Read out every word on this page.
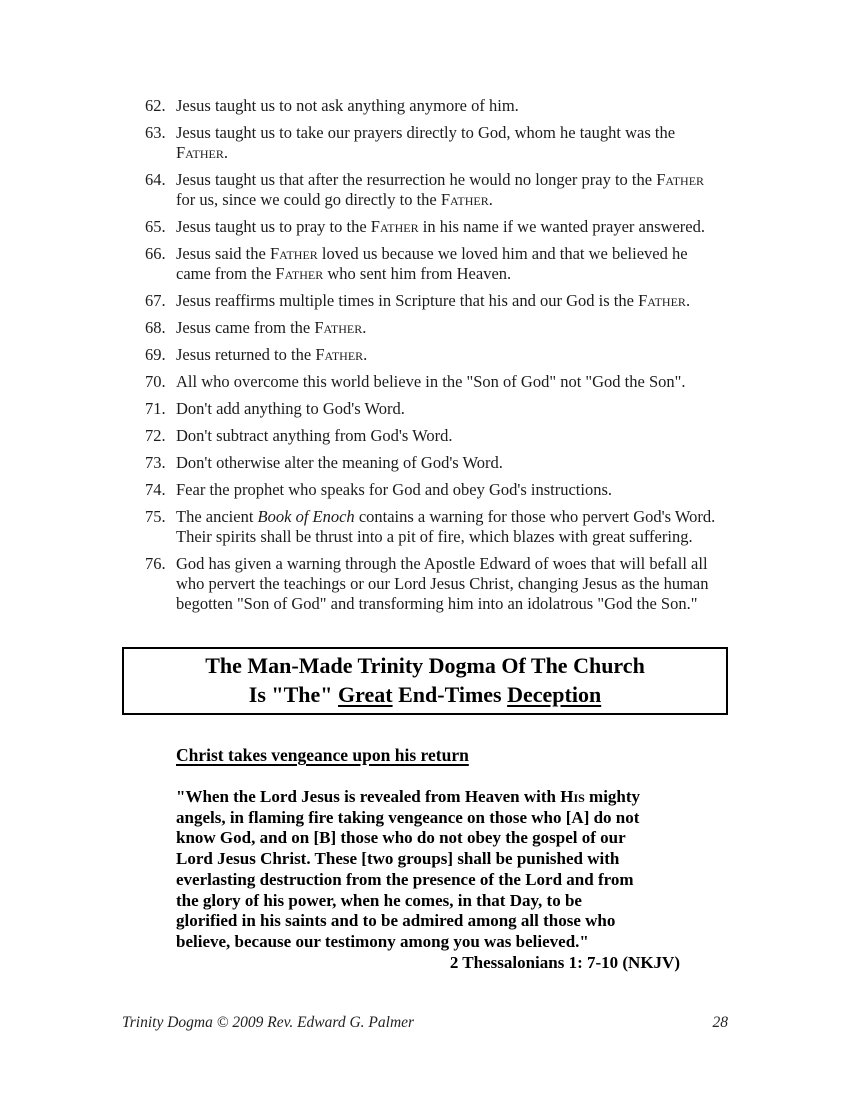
62. Jesus taught us to not ask anything anymore of him.
63. Jesus taught us to take our prayers directly to God, whom he taught was the Father.
64. Jesus taught us that after the resurrection he would no longer pray to the Father for us, since we could go directly to the Father.
65. Jesus taught us to pray to the Father in his name if we wanted prayer answered.
66. Jesus said the Father loved us because we loved him and that we believed he came from the Father who sent him from Heaven.
67. Jesus reaffirms multiple times in Scripture that his and our God is the Father.
68. Jesus came from the Father.
69. Jesus returned to the Father.
70. All who overcome this world believe in the "Son of God" not "God the Son".
71. Don't add anything to God's Word.
72. Don't subtract anything from God's Word.
73. Don't otherwise alter the meaning of God's Word.
74. Fear the prophet who speaks for God and obey God's instructions.
75. The ancient Book of Enoch contains a warning for those who pervert God's Word. Their spirits shall be thrust into a pit of fire, which blazes with great suffering.
76. God has given a warning through the Apostle Edward of woes that will befall all who pervert the teachings or our Lord Jesus Christ, changing Jesus as the human begotten "Son of God" and transforming him into an idolatrous "God the Son."
The Man-Made Trinity Dogma Of The Church
Is "The" Great End-Times Deception
Christ takes vengeance upon his return
"When the Lord Jesus is revealed from Heaven with His mighty
angels, in flaming fire taking vengeance on those who [A] do not
know God, and on [B] those who do not obey the gospel of our
Lord Jesus Christ. These [two groups] shall be punished with
everlasting destruction from the presence of the Lord and from
the glory of his power, when he comes, in that Day, to be
glorified in his saints and to be admired among all those who
believe, because our testimony among you was believed."
2 Thessalonians 1: 7-10 (NKJV)
Trinity Dogma © 2009 Rev. Edward G. Palmer	28
